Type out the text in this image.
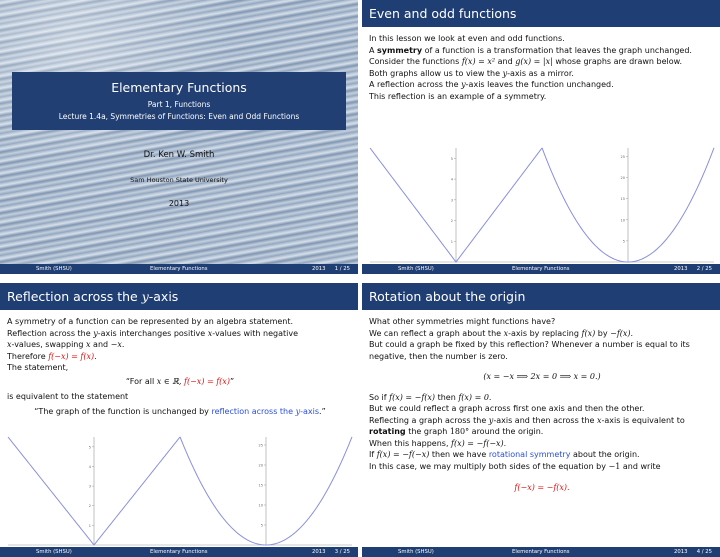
Elementary Functions
Part 1, Functions
Lecture 1.4a, Symmetries of Functions: Even and Odd Functions
Dr. Ken W. Smith
Sam Houston State University
2013
Smith (SHSU)	Elementary Functions	2013 1 / 25
Even and odd functions

In this lesson we look at even and odd functions.

A symmetry of a function is a transformation that leaves the graph unchanged.

Consider the functions f(x) = x² and g(x) = |x| whose graphs are drawn below.

Both graphs allow us to view the y-axis as a mirror.

A reflection across the y-axis leaves the function unchanged.

This reflection is an example of a symmetry.

1
2
3
4
5
5
10
15
20
25
Smith (SHSU)	Elementary Functions	2013 2 / 25
Reflection across the y-axis

A symmetry of a function can be represented by an algebra statement.

Reflection across the y-axis interchanges positive x-values with negative

x-values, swapping x and −x.

Therefore f(−x) = f(x).

The statement,

“For all x ∈ ℝ, f(−x) = f(x)”

is equivalent to the statement

“The graph of the function is unchanged by reflection across the y-axis.”

1
2
3
4
5
5
10
15
20
25
Smith (SHSU)	Elementary Functions	2013 3 / 25
Rotation about the origin

What other symmetries might functions have?

We can reflect a graph about the x-axis by replacing f(x) by −f(x).

But could a graph be fixed by this reflection? Whenever a number is equal to its negative, then the number is zero.

(x = −x ⟹ 2x = 0 ⟹ x = 0.)

So if f(x) = −f(x) then f(x) = 0.

But we could reflect a graph across first one axis and then the other.

Reflecting a graph across the y-axis and then across the x-axis is equivalent to rotating the graph 180° around the origin.

When this happens, f(x) = −f(−x).

If f(x) = −f(−x) then we have rotational symmetry about the origin.

In this case, we may multiply both sides of the equation by −1 and write

f(−x) = −f(x).

Smith (SHSU)	Elementary Functions	2013 4 / 25
